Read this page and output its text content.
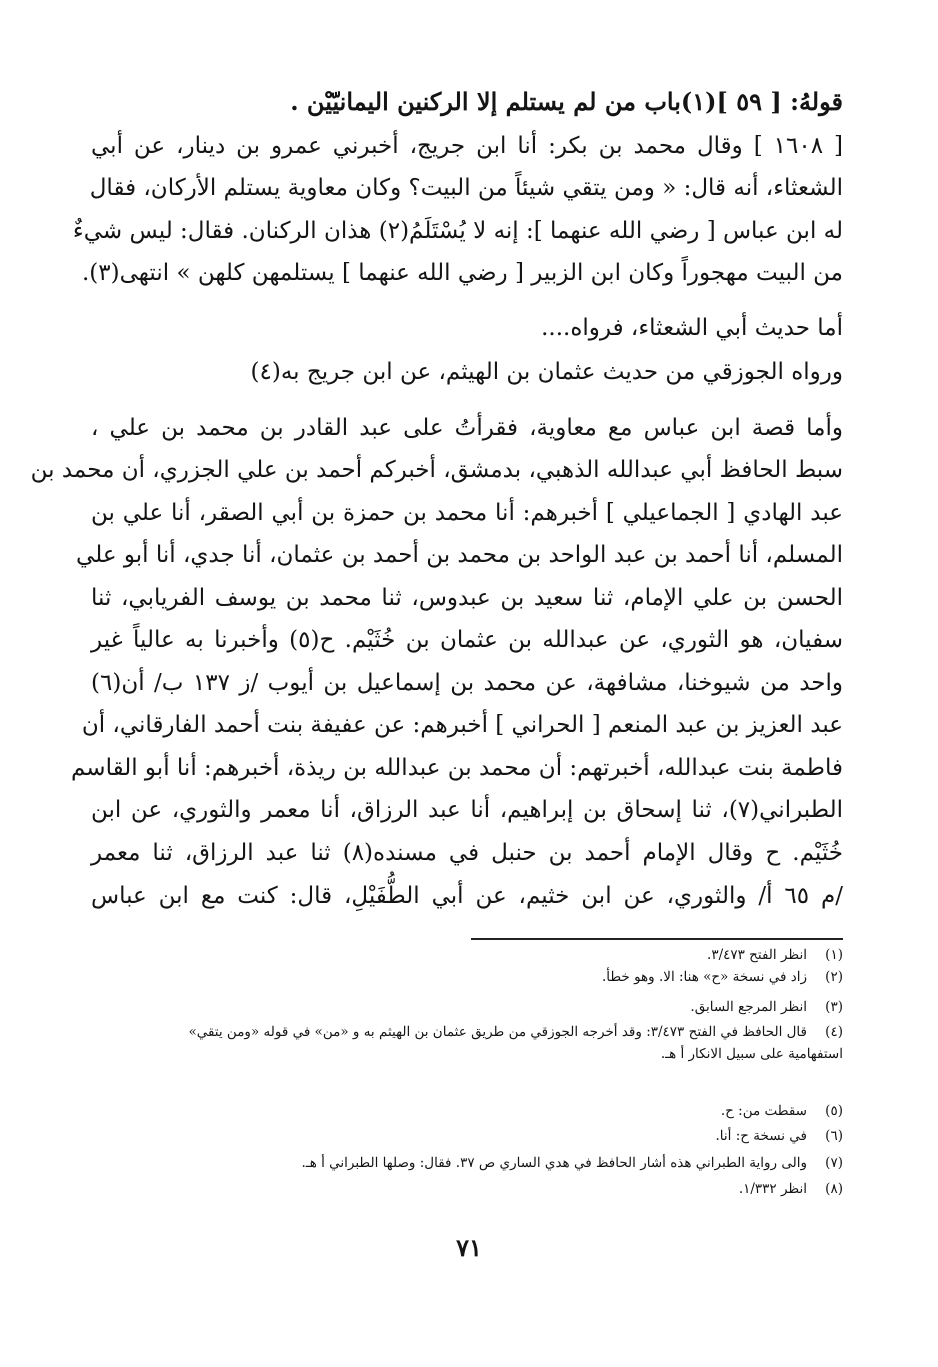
قولهُ: [ ٥٩ ](١)باب من لم يستلم إلا الركنين اليمانيّيْن .
[ ١٦٠٨ ] وقال محمد بن بكر: أنا ابن جريج، أخبرني عمرو بن دينار، عن أبي
الشعثاء، أنه قال: « ومن يتقي شيئاً من البيت؟ وكان معاوية يستلم الأركان، فقال
له ابن عباس [ رضي الله عنهما ]: إنه لا يُسْتَلَمُ(٢) هذان الركنان. فقال: ليس شيءٌ
من البيت مهجوراً وكان ابن الزبير [ رضي الله عنهما ] يستلمهن كلهن » انتهى(٣).
أما حديث أبي الشعثاء، فرواه....
ورواه الجوزقي من حديث عثمان بن الهيثم، عن ابن جريج به(٤)
وأما قصة ابن عباس مع معاوية، فقرأتُ على عبد القادر بن محمد بن علي ،
سبط الحافظ أبي عبدالله الذهبي، بدمشق، أخبركم أحمد بن علي الجزري، أن محمد بن
عبد الهادي [ الجماعيلي ] أخبرهم: أنا محمد بن حمزة بن أبي الصقر، أنا علي بن
المسلم، أنا أحمد بن عبد الواحد بن محمد بن أحمد بن عثمان، أنا جدي، أنا أبو علي
الحسن بن علي الإمام، ثنا سعيد بن عبدوس، ثنا محمد بن يوسف الفريابي، ثنا
سفيان، هو الثوري، عن عبدالله بن عثمان بن خُثَيْم. ح(٥) وأخبرنا به عالياً غير
واحد من شيوخنا، مشافهة، عن محمد بن إسماعيل بن أيوب /ز ١٣٧ ب/ أن(٦)
عبد العزيز بن عبد المنعم [ الحراني ] أخبرهم: عن عفيفة بنت أحمد الفارقاني، أن
فاطمة بنت عبدالله، أخبرتهم: أن محمد بن عبدالله بن ريذة، أخبرهم: أنا أبو القاسم
الطبراني(٧)، ثنا إسحاق بن إبراهيم، أنا عبد الرزاق، أنا معمر والثوري، عن ابن
خُثَيْم. ح وقال الإمام أحمد بن حنبل في مسنده(٨) ثنا عبد الرزاق، ثنا معمر
/م ٦٥ أ/ والثوري، عن ابن خثيم، عن أبي الطُّفَيْلِ، قال: كنت مع ابن عباس
(١)انظر الفتح ٣/٤٧٣.
(٢)زاد في نسخة «ح» هنا: الا. وهو خطأ.
(٣)انظر المرجع السابق.
(٤)قال الحافظ في الفتح ٣/٤٧٣: وقد أخرجه الجوزقي من طريق عثمان بن الهيثم به و «من» في قوله «ومن يتقي»
استفهامية على سبيل الانكار أ هـ.
(٥)سقطت من: ح.
(٦)في نسخة ح: أنا.
(٧)والى رواية الطبراني هذه أشار الحافظ في هدي الساري ص ٣٧. فقال: وصلها الطبراني أ هـ.
(٨)انظر ١/٣٣٢.
٧١
